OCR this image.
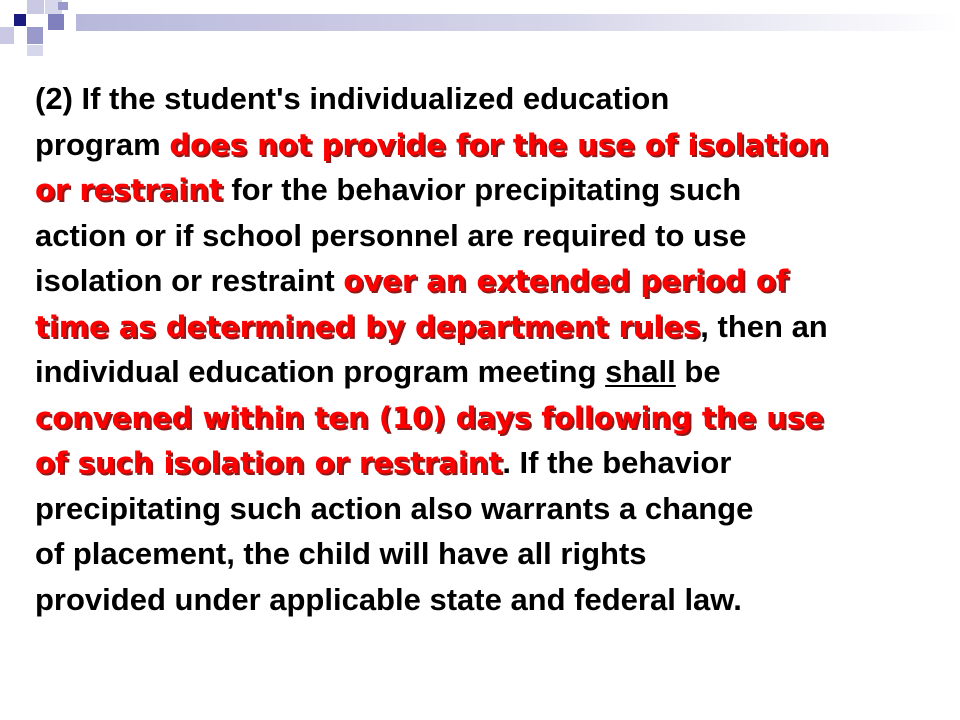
(2) If the student's individualized education
program does not provide for the use of isolation
or restraint for the behavior precipitating such
action or if school personnel are required to use
isolation or restraint over an extended period of
time as determined by department rules, then an
individual education program meeting shall be
convened within ten (10) days following the use
of such isolation or restraint. If the behavior
precipitating such action also warrants a change
of placement, the child will have all rights
provided under applicable state and federal law.
